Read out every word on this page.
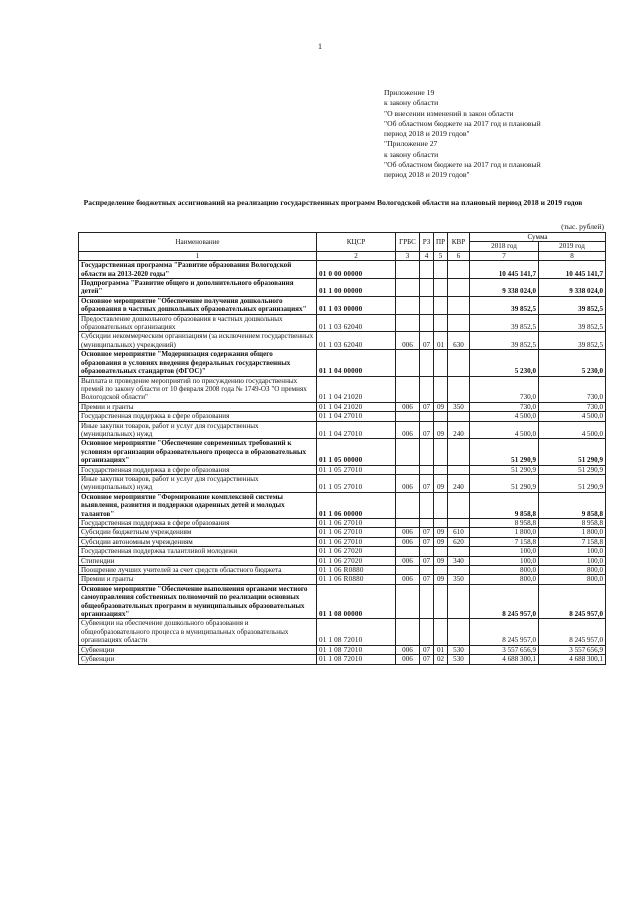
1
Приложение 19
к закону области
"О внесении изменений в закон области
"Об областном бюджете на 2017 год и плановый
период 2018 и 2019 годов"
"Приложение 27
к закону области
"Об областном бюджете на 2017 год и плановый
период 2018 и 2019 годов"
Распределение бюджетных ассигнований на реализацию государственных программ Вологодской области на плановый период 2018 и 2019 годов
(тыс. рублей)
Наименование	КЦСР	ГРБС	РЗ	ПР	КВР	Сумма	
						2018 год	2019 год
1	2	3	4	5	6	7	8
Государственная программа "Развитие образования Вологодской области на 2013-2020 годы"	01 0 00 00000					10 445 141,7	10 445 141,7
Подпрограмма "Развитие общего и дополнительного образования детей"	01 1 00 00000					9 338 024,0	9 338 024,0
Основное мероприятие "Обеспечение получения дошкольного образования в частных дошкольных образовательных организациях"	01 1 03 00000					39 852,5	39 852,5
Предоставление дошкольного образования в частных дошкольных образовательных организациях	01 1 03 62040					39 852,5	39 852,5
Субсидии некоммерческим организациям (за исключением государственных (муниципальных) учреждений)	01 1 03 62040	006	07	01	630	39 852,5	39 852,5
Основное мероприятие "Модернизация содержания общего образования в условиях введения федеральных государственных образовательных стандартов (ФГОС)"	01 1 04 00000					5 230,0	5 230,0
Выплата и проведение мероприятий по присуждению государственных премий по закону области от 10 февраля 2008 года № 1749-ОЗ "О премиях Вологодской области"	01 1 04 21020					730,0	730,0
Премии и гранты	01 1 04 21020	006	07	09	350	730,0	730,0
Государственная поддержка в сфере образования	01 1 04 27010					4 500,0	4 500,0
Иные закупки товаров, работ и услуг для государственных (муниципальных) нужд	01 1 04 27010	006	07	09	240	4 500,0	4 500,0
Основное мероприятие "Обеспечение современных требований к условиям организации образовательного процесса в образовательных организациях"	01 1 05 00000					51 290,9	51 290,9
Государственная поддержка в сфере образования	01 1 05 27010					51 290,9	51 290,9
Иные закупки товаров, работ и услуг для государственных (муниципальных) нужд	01 1 05 27010	006	07	09	240	51 290,9	51 290,9
Основное мероприятие "Формирование комплексной системы выявления, развития и поддержки одаренных детей и молодых талантов"	01 1 06 00000					9 858,8	9 858,8
Государственная поддержка в сфере образования	01 1 06 27010					8 958,8	8 958,8
Субсидии бюджетным учреждениям	01 1 06 27010	006	07	09	610	1 800,0	1 800,0
Субсидии автономным учреждениям	01 1 06 27010	006	07	09	620	7 158,8	7 158,8
Государственная поддержка талантливой молодежи	01 1 06 27020					100,0	100,0
Стипендии	01 1 06 27020	006	07	09	340	100,0	100,0
Поощрение лучших учителей за счет средств областного бюджета	01 1 06 R0880					800,0	800,0
Премии и гранты	01 1 06 R0880	006	07	09	350	800,0	800,0
Основное мероприятие "Обеспечение выполнения органами местного самоуправления собственных полномочий по реализации основных общеобразовательных программ в муниципальных образовательных организациях"	01 1 08 00000					8 245 957,0	8 245 957,0
Субвенции на обеспечение дошкольного образования и общеобразовательного процесса в муниципальных образовательных организациях области	01 1 08 72010					8 245 957,0	8 245 957,0
Субвенции	01 1 08 72010	006	07	01	530	3 557 656,9	3 557 656,9
Субвенции	01 1 08 72010	006	07	02	530	4 688 300,1	4 688 300,1
